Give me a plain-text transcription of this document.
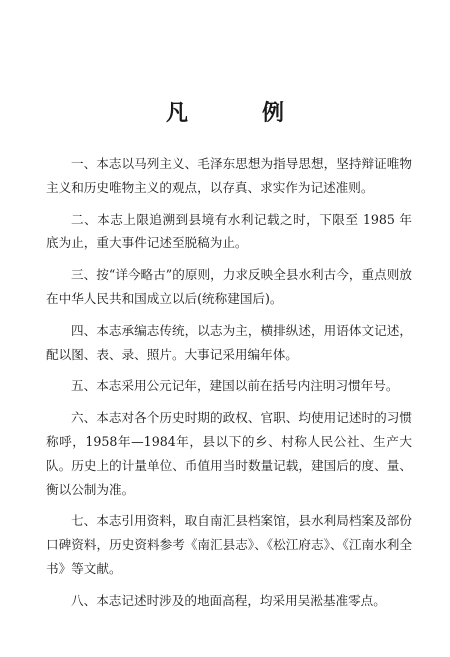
凡　例

一、本志以马列主义、毛泽东思想为指导思想，坚持辩证唯物主义和历史唯物主义的观点，以存真、求实作为记述准则。

二、本志上限追溯到县境有水利记载之时，下限至 1985 年底为止，重大事件记述至脱稿为止。

三、按“详今略古”的原则，力求反映全县水利古今，重点则放在中华人民共和国成立以后(统称建国后)。

四、本志承编志传统，以志为主，横排纵述，用语体文记述，配以图、表、录、照片。大事记采用编年体。

五、本志采用公元记年，建国以前在括号内注明习惯年号。

六、本志对各个历史时期的政权、官职、均使用记述时的习惯称呼，1958年—1984年，县以下的乡、村称人民公社、生产大队。历史上的计量单位、币值用当时数量记载，建国后的度、量、衡以公制为准。

七、本志引用资料，取自南汇县档案馆，县水利局档案及部份口碑资料，历史资料参考《南汇县志》、《松江府志》、《江南水利全书》等文献。

八、本志记述时涉及的地面高程，均采用吴淞基准零点。
